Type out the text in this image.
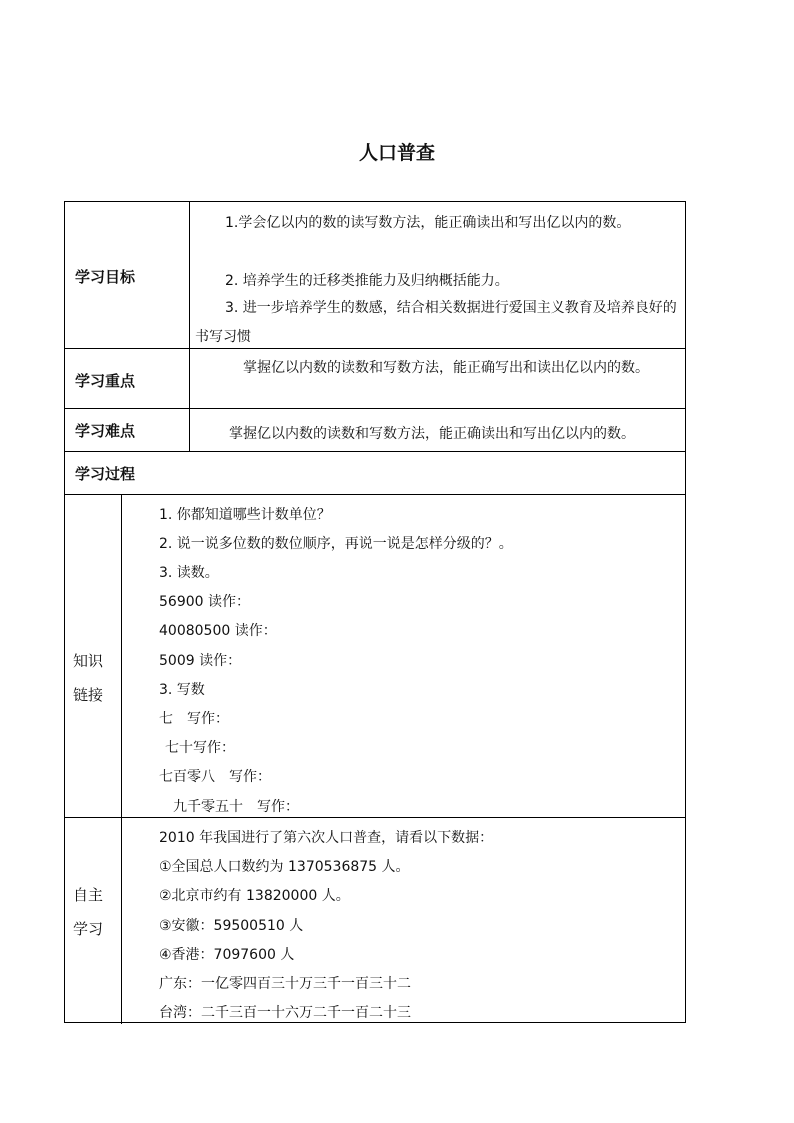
人口普查
学习目标
1.学会亿以内的数的读写数方法，能正确读出和写出亿以内的数。
2. 培养学生的迁移类推能力及归纳概括能力。
3. 进一步培养学生的数感，结合相关数据进行爱国主义教育及培养良好的书写习惯
学习重点
掌握亿以内数的读数和写数方法，能正确写出和读出亿以内的数。
学习难点	掌握亿以内数的读数和写数方法，能正确读出和写出亿以内的数。
学习过程
知识
链接
1. 你都知道哪些计数单位？
2. 说一说多位数的数位顺序，再说一说是怎样分级的？。
3. 读数。
56900 读作：
40080500 读作：
5009 读作：
3. 写数
七　写作：
七十写作：
七百零八　写作：
九千零五十　写作：
自主
学习
2010 年我国进行了第六次人口普查，请看以下数据：
①全国总人口数约为 1370536875 人。
②北京市约有 13820000 人。
③安徽：59500510 人
④香港：7097600 人
广东：一亿零四百三十万三千一百三十二
台湾：二千三百一十六万二千一百二十三
